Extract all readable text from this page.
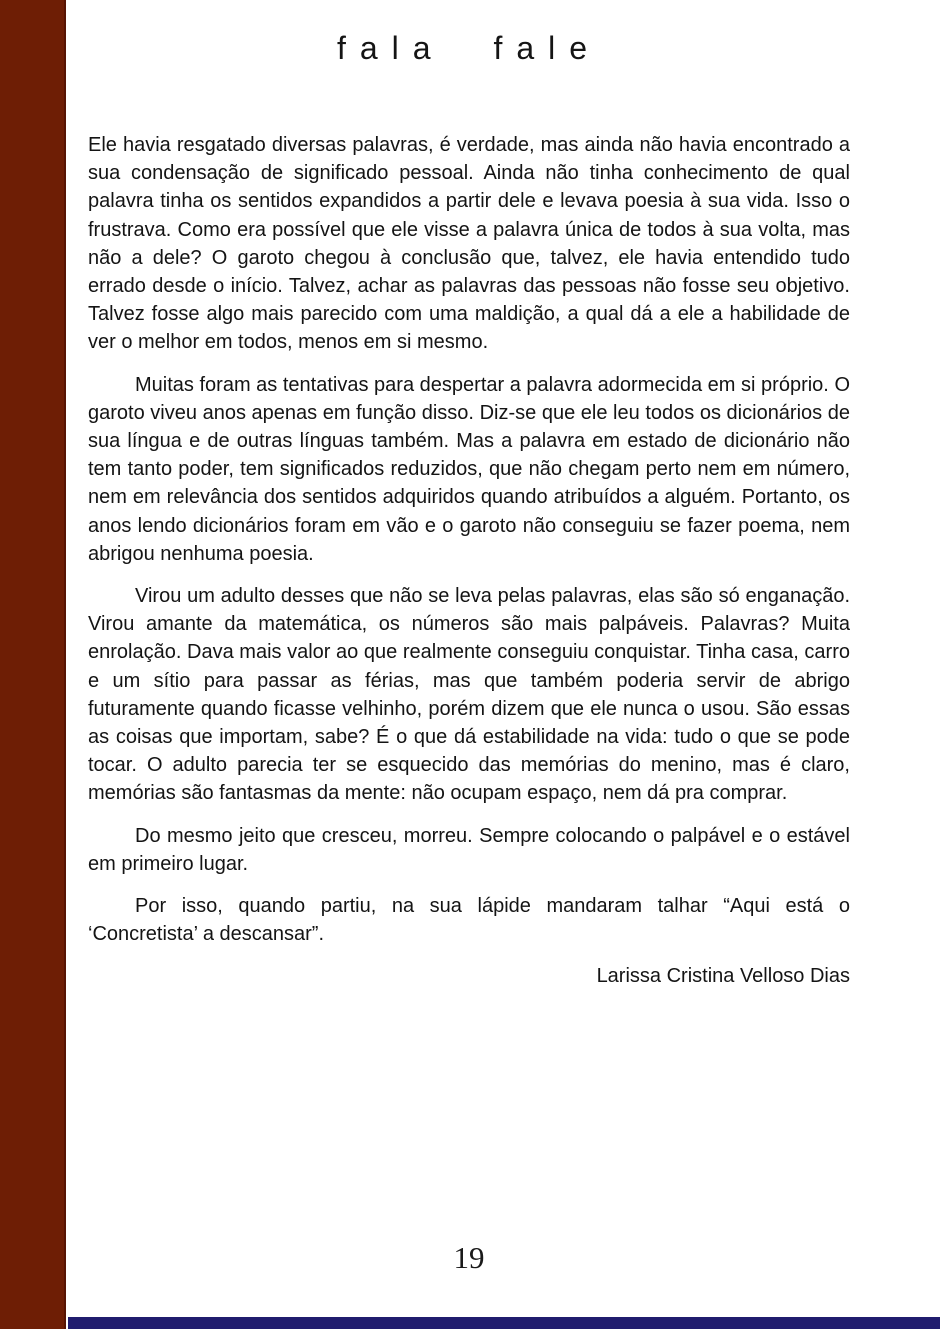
fala fale

Ele havia resgatado diversas palavras, é verdade, mas ainda não havia encontrado a sua condensação de significado pessoal. Ainda não tinha conhecimento de qual palavra tinha os sentidos expandidos a partir dele e levava poesia à sua vida. Isso o frustrava. Como era possível que ele visse a palavra única de todos à sua volta, mas não a dele? O garoto chegou à conclusão que, talvez, ele havia entendido tudo errado desde o início. Talvez, achar as palavras das pessoas não fosse seu objetivo. Talvez fosse algo mais parecido com uma maldição, a qual dá a ele a habilidade de ver o melhor em todos, menos em si mesmo.

Muitas foram as tentativas para despertar a palavra adormecida em si próprio. O garoto viveu anos apenas em função disso. Diz-se que ele leu todos os dicionários de sua língua e de outras línguas também. Mas a palavra em estado de dicionário não tem tanto poder, tem significados reduzidos, que não chegam perto nem em número, nem em relevância dos sentidos adquiridos quando atribuídos a alguém. Portanto, os anos lendo dicionários foram em vão e o garoto não conseguiu se fazer poema, nem abrigou nenhuma poesia.

Virou um adulto desses que não se leva pelas palavras, elas são só enganação. Virou amante da matemática, os números são mais palpáveis. Palavras? Muita enrolação. Dava mais valor ao que realmente conseguiu conquistar. Tinha casa, carro e um sítio para passar as férias, mas que também poderia servir de abrigo futuramente quando ficasse velhinho, porém dizem que ele nunca o usou. São essas as coisas que importam, sabe? É o que dá estabilidade na vida: tudo o que se pode tocar. O adulto parecia ter se esquecido das memórias do menino, mas é claro, memórias são fantasmas da mente: não ocupam espaço, nem dá pra comprar.

Do mesmo jeito que cresceu, morreu. Sempre colocando o palpável e o estável em primeiro lugar.

Por isso, quando partiu, na sua lápide mandaram talhar “Aqui está o ‘Concretista’ a descansar”.

Larissa Cristina Velloso Dias
19
